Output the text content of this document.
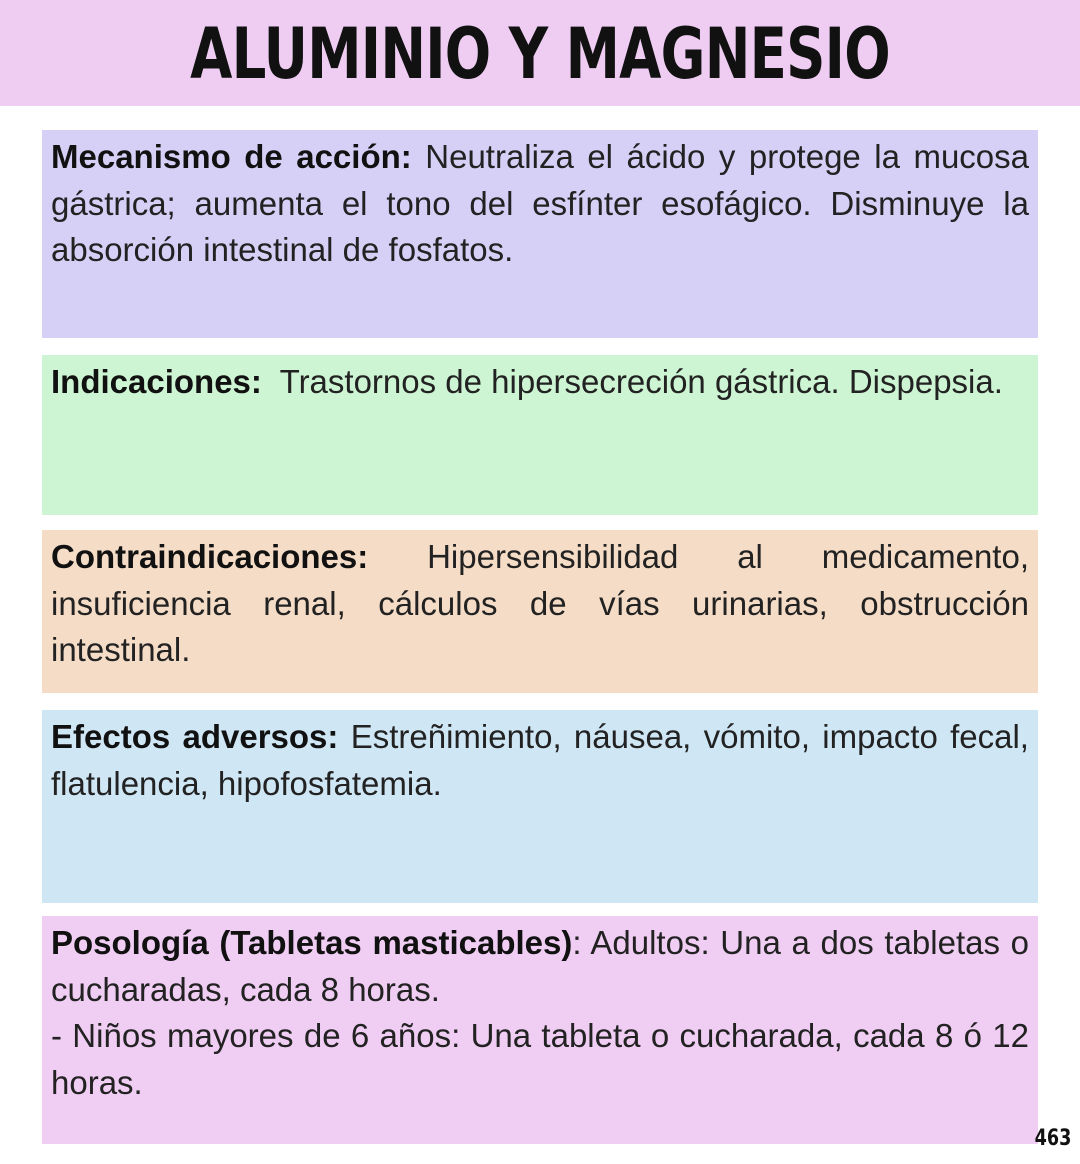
ALUMINIO Y MAGNESIO

Mecanismo de acción: Neutraliza el ácido y protege la mucosa gástrica; aumenta el tono del esfínter esofágico. Disminuye la absorción intestinal de fosfatos.

Indicaciones:  Trastornos de hipersecreción gástrica. Dispepsia.

Contraindicaciones: Hipersensibilidad al medicamento, insuficiencia renal, cálculos de vías urinarias, obstrucción intestinal.

Efectos adversos: Estreñimiento, náusea, vómito, impacto fecal, flatulencia, hipofosfatemia.

Posología (Tabletas masticables): Adultos: Una a dos tabletas o cucharadas, cada 8 horas.

- Niños mayores de 6 años: Una tableta o cucharada, cada 8 ó 12 horas.

463
